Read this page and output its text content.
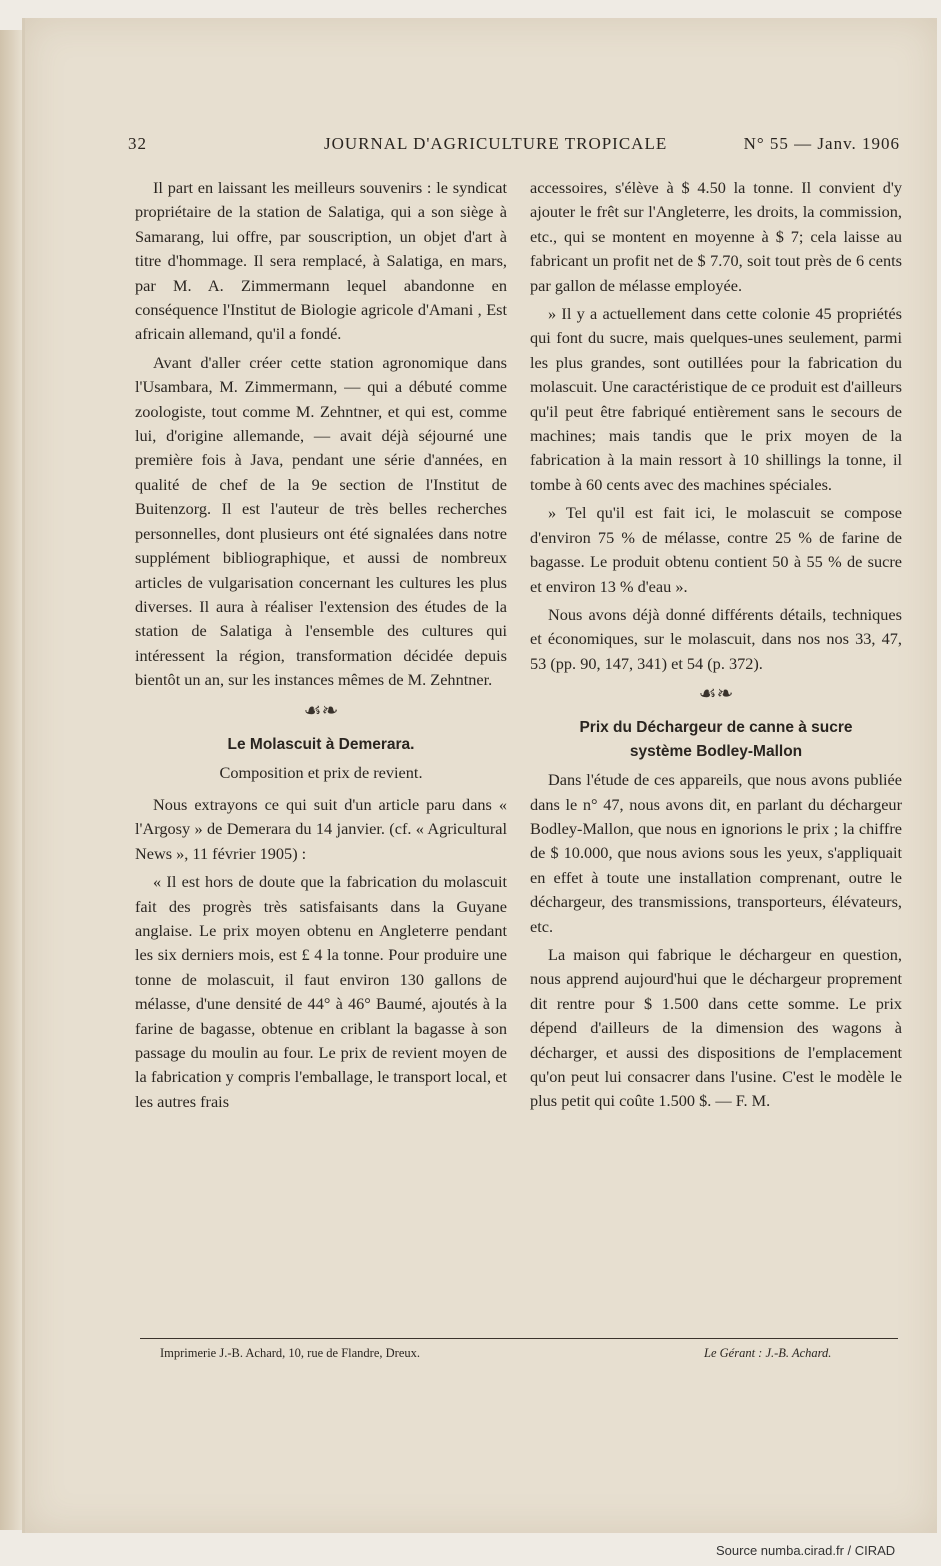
32	JOURNAL D'AGRICULTURE TROPICALE	N° 55 — Janv. 1906

Il part en laissant les meilleurs souvenirs : le syndicat propriétaire de la station de Salatiga, qui a son siège à Samarang, lui offre, par souscription, un objet d'art à titre d'hommage. Il sera remplacé, à Salatiga, en mars, par M. A. Zimmermann lequel abandonne en conséquence l'Institut de Biologie agricole d'Amani , Est africain allemand, qu'il a fondé.

Avant d'aller créer cette station agronomique dans l'Usambara, M. Zimmermann, — qui a débuté comme zoologiste, tout comme M. Zehntner, et qui est, comme lui, d'origine allemande, — avait déjà séjourné une première fois à Java, pendant une série d'années, en qualité de chef de la 9e section de l'Institut de Buitenzorg. Il est l'auteur de très belles recherches personnelles, dont plusieurs ont été signalées dans notre supplément bibliographique, et aussi de nombreux articles de vulgarisation concernant les cultures les plus diverses. Il aura à réaliser l'extension des études de la station de Salatiga à l'ensemble des cultures qui intéressent la région, transformation décidée depuis bientôt un an, sur les instances mêmes de M. Zehntner.

☙❧
Le Molascuit à Demerara.
Composition et prix de revient.

Nous extrayons ce qui suit d'un article paru dans « l'Argosy » de Demerara du 14 janvier. (cf. « Agricultural News », 11 février 1905) :

« Il est hors de doute que la fabrication du molascuit fait des progrès très satisfaisants dans la Guyane anglaise. Le prix moyen obtenu en Angleterre pendant les six derniers mois, est £ 4 la tonne. Pour produire une tonne de molascuit, il faut environ 130 gallons de mélasse, d'une densité de 44° à 46° Baumé, ajoutés à la farine de bagasse, obtenue en criblant la bagasse à son passage du moulin au four. Le prix de revient moyen de la fabrication y compris l'emballage, le transport local, et les autres frais

accessoires, s'élève à $ 4.50 la tonne. Il convient d'y ajouter le frêt sur l'Angleterre, les droits, la commission, etc., qui se montent en moyenne à $ 7; cela laisse au fabricant un profit net de $ 7.70, soit tout près de 6 cents par gallon de mélasse employée.

» Il y a actuellement dans cette colonie 45 propriétés qui font du sucre, mais quelques-unes seulement, parmi les plus grandes, sont outillées pour la fabrication du molascuit. Une caractéristique de ce produit est d'ailleurs qu'il peut être fabriqué entièrement sans le secours de machines; mais tandis que le prix moyen de la fabrication à la main ressort à 10 shillings la tonne, il tombe à 60 cents avec des machines spéciales.

» Tel qu'il est fait ici, le molascuit se compose d'environ 75 % de mélasse, contre 25 % de farine de bagasse. Le produit obtenu contient 50 à 55 % de sucre et environ 13 % d'eau ».

Nous avons déjà donné différents détails, techniques et économiques, sur le molascuit, dans nos nos 33, 47, 53 (pp. 90, 147, 341) et 54 (p. 372).

☙❧
Prix du Déchargeur de canne à sucre
système Bodley-Mallon

Dans l'étude de ces appareils, que nous avons publiée dans le n° 47, nous avons dit, en parlant du déchargeur Bodley-Mallon, que nous en ignorions le prix ; la chiffre de $ 10.000, que nous avions sous les yeux, s'appliquait en effet à toute une installation comprenant, outre le déchargeur, des transmissions, transporteurs, élévateurs, etc.

La maison qui fabrique le déchargeur en question, nous apprend aujourd'hui que le déchargeur proprement dit rentre pour $ 1.500 dans cette somme. Le prix dépend d'ailleurs de la dimension des wagons à décharger, et aussi des dispositions de l'emplacement qu'on peut lui consacrer dans l'usine. C'est le modèle le plus petit qui coûte 1.500 $. — F. M.

Imprimerie J.-B. Achard, 10, rue de Flandre, Dreux.	Le Gérant : J.-B. Achard.
Source numba.cirad.fr / CIRAD
